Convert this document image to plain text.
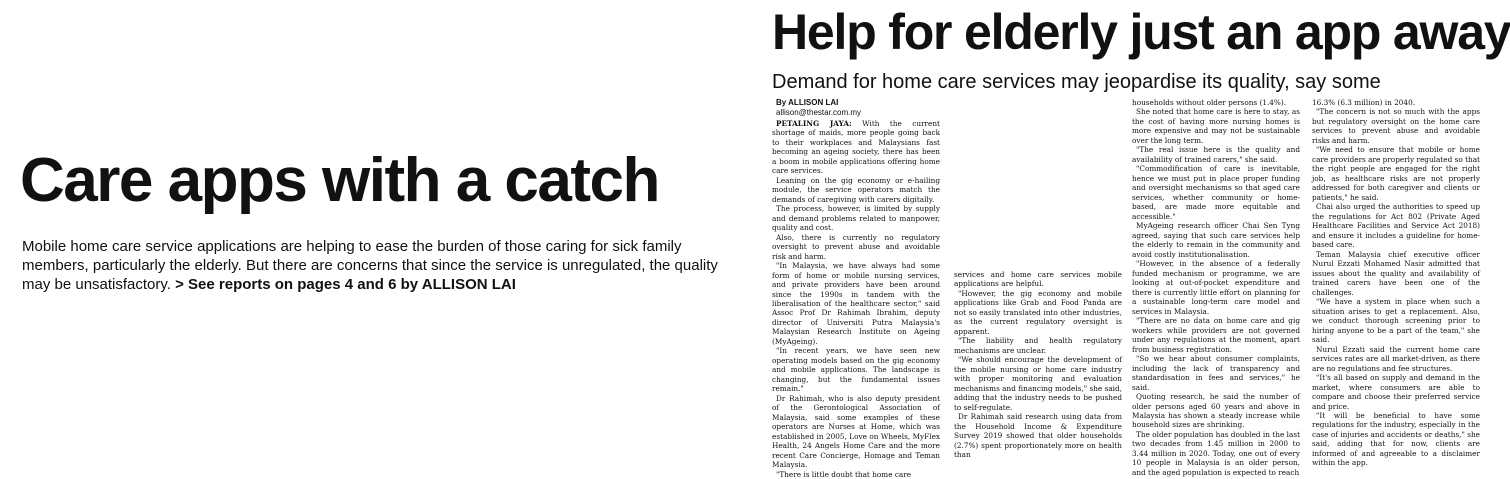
Care apps with a catch

Mobile home care service applications are helping to ease the burden of those caring for sick family members, particularly the elderly. But there are concerns that since the service is unregulated, the quality may be unsatisfactory. > See reports on pages 4 and 6 by ALLISON LAI

Help for elderly just an app away

Demand for home care services may jeopardise its quality, say some

By ALLISON LAI

allison@thestar.com.my

PETALING JAYA: With the current shortage of maids, more people going back to their workplaces and Malaysians fast becoming an ageing society, there has been a boom in mobile applications offering home care services.

Leaning on the gig economy or e-hailing module, the service operators match the demands of caregiving with carers digitally.

The process, however, is limited by supply and demand problems related to manpower, quality and cost.

Also, there is currently no regulatory oversight to prevent abuse and avoidable risk and harm.

"In Malaysia, we have always had some form of home or mobile nursing services, and private providers have been around since the 1990s in tandem with the liberalisation of the healthcare sector," said Assoc Prof Dr Rahimah Ibrahim, deputy director of Universiti Putra Malaysia's Malaysian Research Institute on Ageing (MyAgeing).

"In recent years, we have seen new operating models based on the gig economy and mobile applications. The landscape is changing, but the fundamental issues remain."

Dr Rahimah, who is also deputy president of the Gerontological Association of Malaysia, said some examples of these operators are Nurses at Home, which was established in 2005, Love on Wheels, MyFlex Health, 24 Angels Home Care and the more recent Care Concierge, Homage and Teman Malaysia.

"There is little doubt that home care

services and home care services mobile applications are helpful.

"However, the gig economy and mobile applications like Grab and Food Panda are not so easily translated into other industries, as the current regulatory oversight is apparent.

"The liability and health regulatory mechanisms are unclear.

"We should encourage the development of the mobile nursing or home care industry with proper monitoring and evaluation mechanisms and financing models," she said, adding that the industry needs to be pushed to self-regulate.

Dr Rahimah said research using data from the Household Income & Expenditure Survey 2019 showed that older households (2.7%) spent proportionately more on health than

households without older persons (1.4%).

She noted that home care is here to stay, as the cost of having more nursing homes is more expensive and may not be sustainable over the long term.

"The real issue here is the quality and availability of trained carers," she said.

"Commodification of care is inevitable, hence we must put in place proper funding and oversight mechanisms so that aged care services, whether community or home-based, are made more equitable and accessible."

MyAgeing research officer Chai Sen Tyng agreed, saying that such care services help the elderly to remain in the community and avoid costly institutionalisation.

"However, in the absence of a federally funded mechanism or programme, we are looking at out-of-pocket expenditure and there is currently little effort on planning for a sustainable long-term care model and services in Malaysia.

"There are no data on home care and gig workers while providers are not governed under any regulations at the moment, apart from business registration.

"So we hear about consumer complaints, including the lack of transparency and standardisation in fees and services," he said.

Quoting research, he said the number of older persons aged 60 years and above in Malaysia has shown a steady increase while household sizes are shrinking.

The older population has doubled in the last two decades from 1.45 million in 2000 to 3.44 million in 2020. Today, one out of every 10 people in Malaysia is an older person, and the aged population is expected to reach

16.3% (6.3 million) in 2040.

"The concern is not so much with the apps but regulatory oversight on the home care services to prevent abuse and avoidable risks and harm.

"We need to ensure that mobile or home care providers are properly regulated so that the right people are engaged for the right job, as healthcare risks are not properly addressed for both caregiver and clients or patients," he said.

Chai also urged the authorities to speed up the regulations for Act 802 (Private Aged Healthcare Facilities and Service Act 2018) and ensure it includes a guideline for home-based care.

Teman Malaysia chief executive officer Nurul Ezzati Mohamed Nasir admitted that issues about the quality and availability of trained carers have been one of the challenges.

"We have a system in place when such a situation arises to get a replacement. Also, we conduct thorough screening prior to hiring anyone to be a part of the team," she said.

Nurul Ezzati said the current home care services rates are all market-driven, as there are no regulations and fee structures.

"It's all based on supply and demand in the market, where consumers are able to compare and choose their preferred service and price.

"It will be beneficial to have some regulations for the industry, especially in the case of injuries and accidents or deaths," she said, adding that for now, clients are informed of and agreeable to a disclaimer within the app.
